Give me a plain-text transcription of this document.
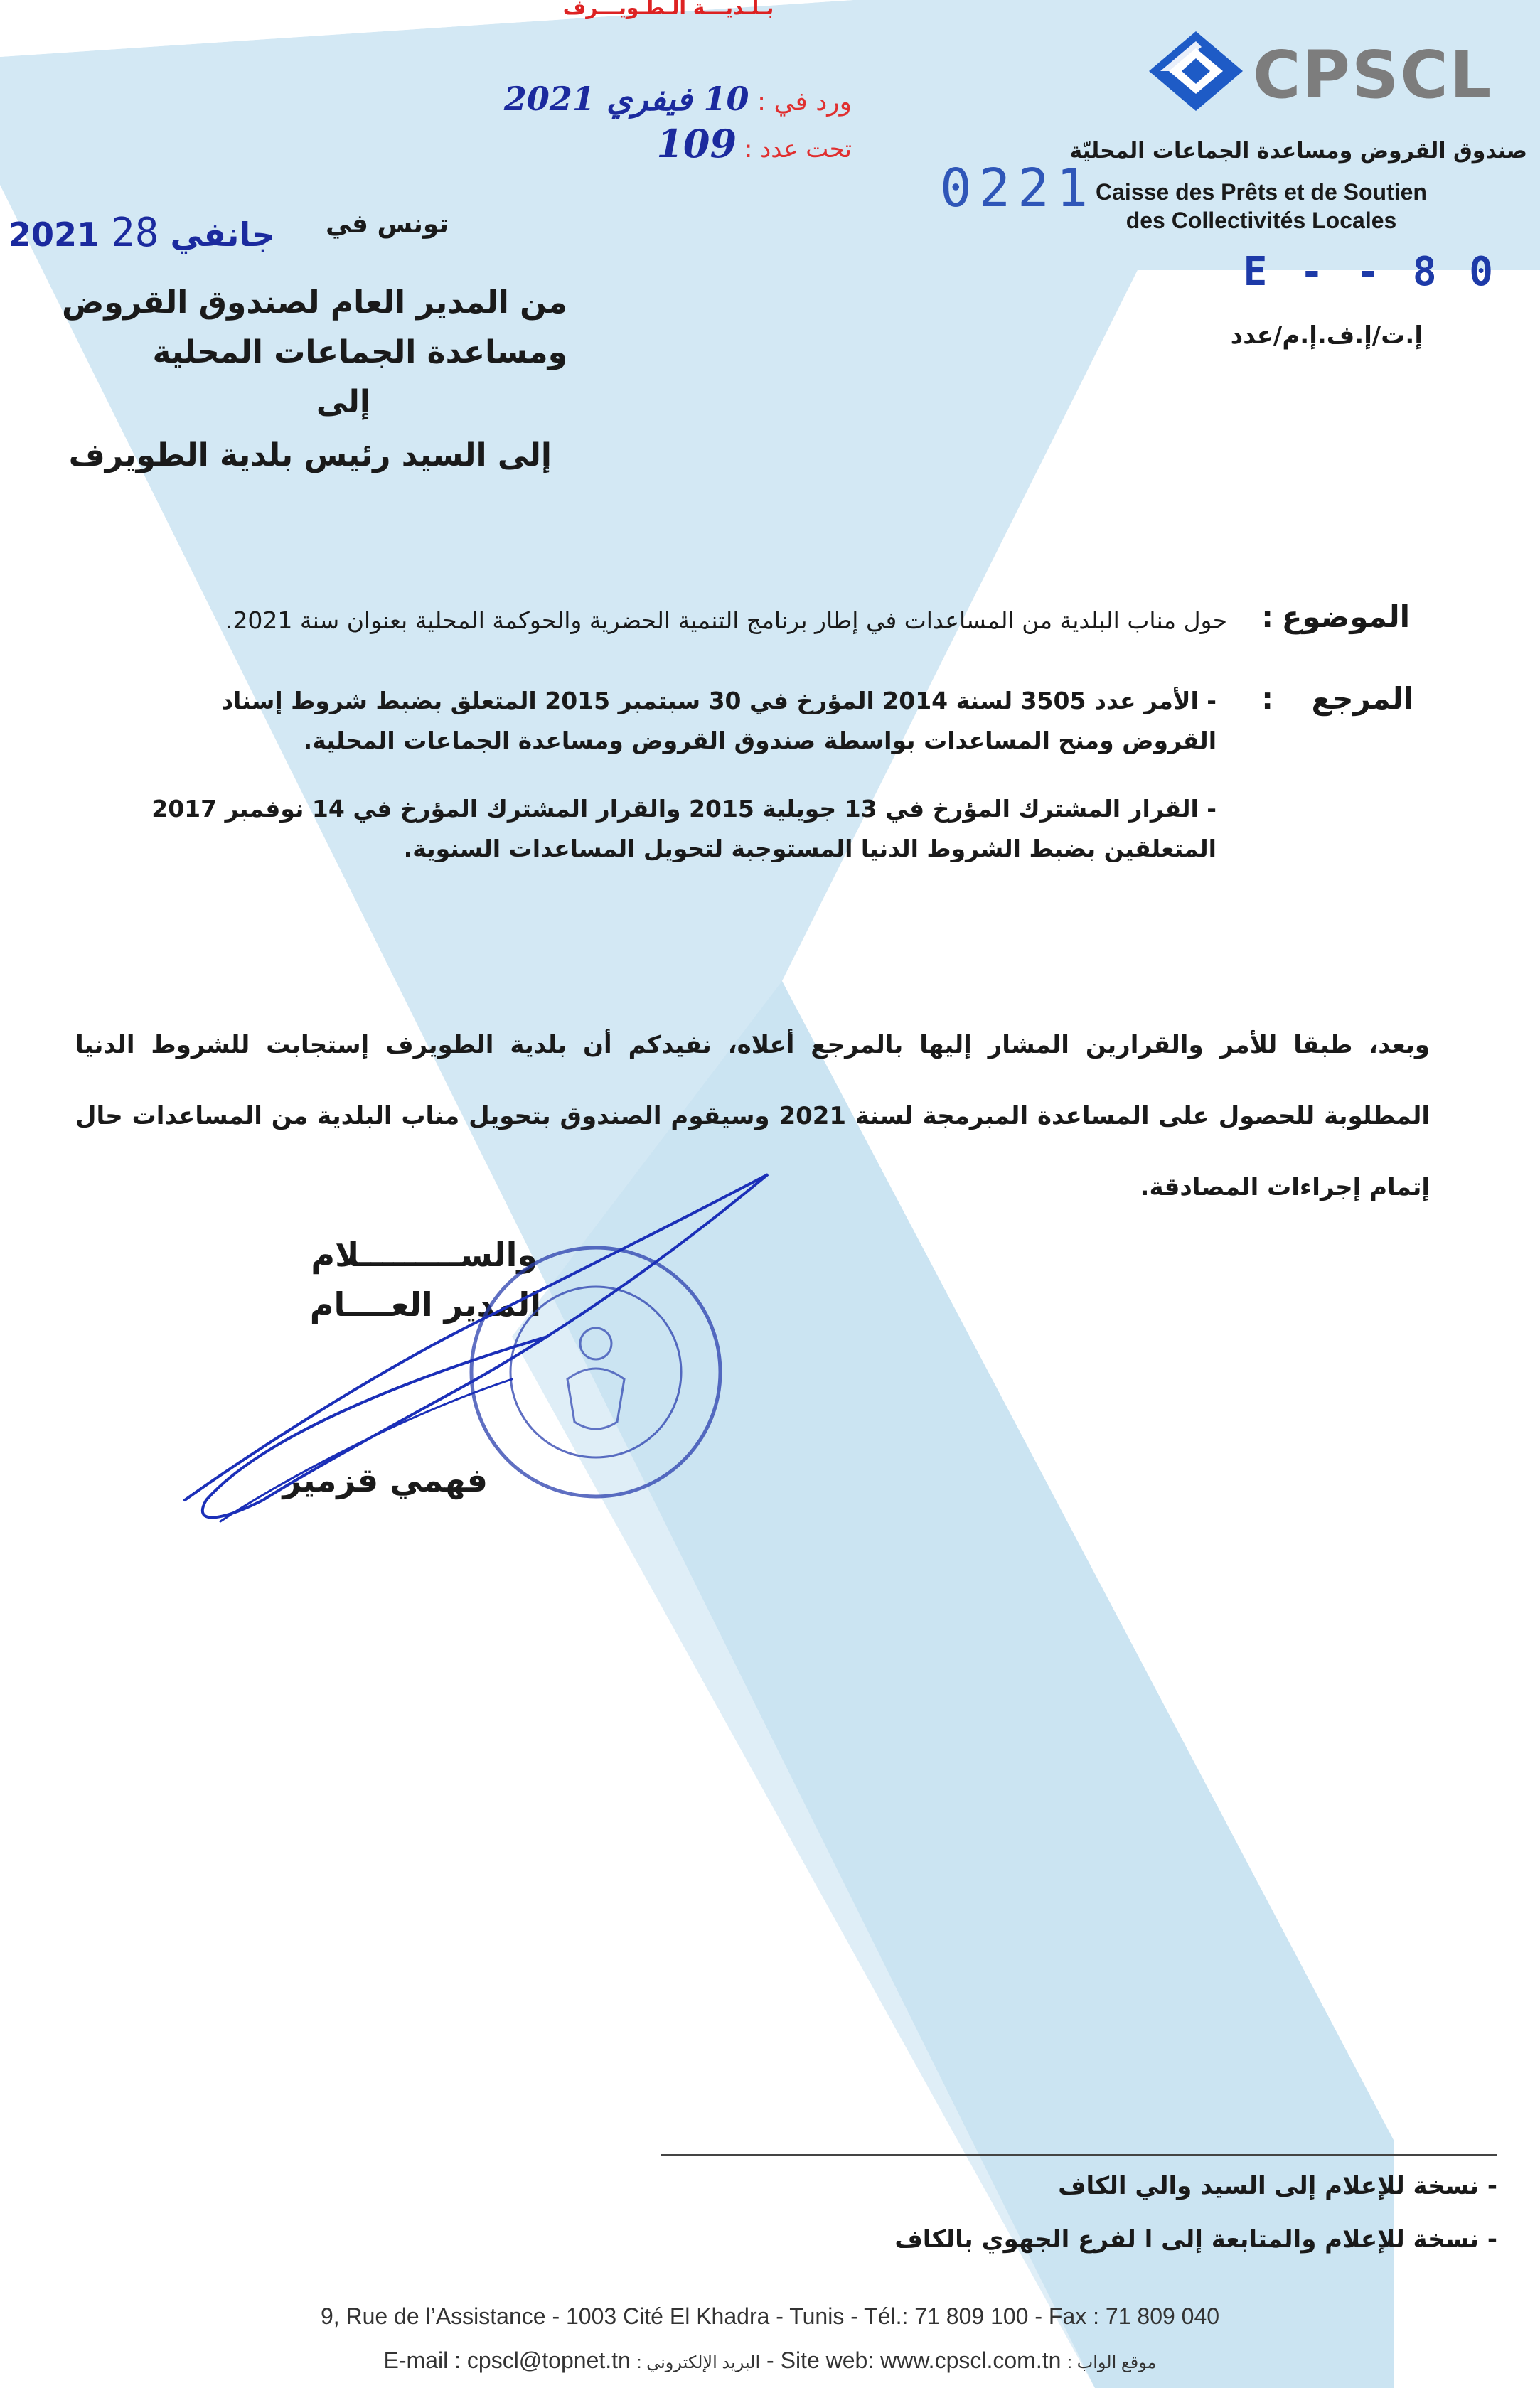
CPSCL
صندوق القروض ومساعدة الجماعات المحليّة
Caisse des Prêts et de Soutien
des Collectivités Locales
E - - 8 0
إ.ت/إ.ف.إ.م/عدد
بـلـديـــة الـطـويـــرف
ورد في : 10 فيفري 2021
تحت عدد : 109
0221
تونس في
2021 جانفي 28
من المدير العام لصندوق القروض
ومساعدة الجماعات المحلية
إلى
إلى السيد رئيس بلدية الطويرف
الموضوع
:
حول مناب البلدية من المساعدات في إطار برنامج التنمية الحضرية والحوكمة المحلية بعنوان سنة 2021.
المرجع
:
- الأمر عدد 3505 لسنة 2014 المؤرخ في 30 سبتمبر 2015 المتعلق بضبط شروط إسناد القروض ومنح المساعدات بواسطة صندوق القروض ومساعدة الجماعات المحلية.
- القرار المشترك المؤرخ في 13 جويلية 2015 والقرار المشترك المؤرخ في 14 نوفمبر 2017 المتعلقين بضبط الشروط الدنيا المستوجبة لتحويل المساعدات السنوية.
وبعد، طبقا للأمر والقرارين المشار إليها بالمرجع أعلاه، نفيدكم أن بلدية الطويرف إستجابت للشروط الدنيا المطلوبة للحصول على المساعدة المبرمجة لسنة 2021 وسيقوم الصندوق بتحويل مناب البلدية من المساعدات حال إتمام إجراءات المصادقة.
والســـــــــلام
المدير العــــام
فهمي قزمير
- نسخة للإعلام إلى السيد والي الكاف
- نسخة للإعلام والمتابعة إلى ا لفرع الجهوي بالكاف
9, Rue de l’Assistance - 1003 Cité El Khadra - Tunis - Tél.: 71 809 100 - Fax : 71 809 040
E-mail : cpscl@topnet.tn : البريد الإلكتروني - Site web: www.cpscl.com.tn : موقع الواب
